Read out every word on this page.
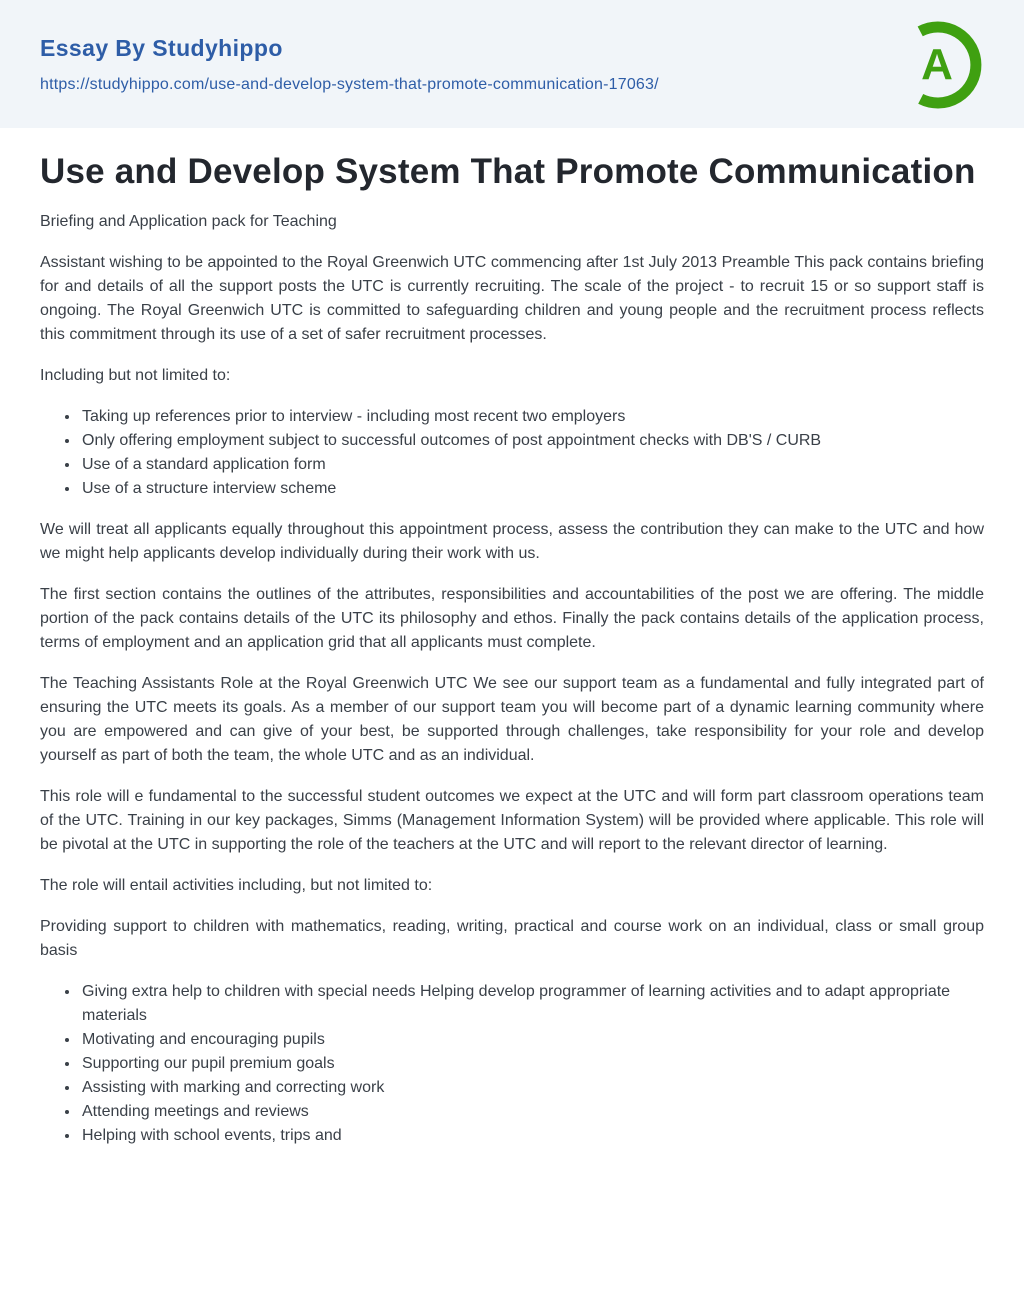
Essay By Studyhippo
https://studyhippo.com/use-and-develop-system-that-promote-communication-17063/	A
Use and Develop System That Promote Communication

Briefing and Application pack for Teaching

Assistant wishing to be appointed to the Royal Greenwich UTC commencing after 1st July 2013 Preamble This pack contains briefing for and details of all the support posts the UTC is currently recruiting. The scale of the project - to recruit 15 or so support staff is ongoing. The Royal Greenwich UTC is committed to safeguarding children and young people and the recruitment process reflects this commitment through its use of a set of safer recruitment processes.

Including but not limited to:

• Taking up references prior to interview - including most recent two employers
• Only offering employment subject to successful outcomes of post appointment checks with DB'S / CURB
• Use of a standard application form
• Use of a structure interview scheme

We will treat all applicants equally throughout this appointment process, assess the contribution they can make to the UTC and how we might help applicants develop individually during their work with us.

The first section contains the outlines of the attributes, responsibilities and accountabilities of the post we are offering. The middle portion of the pack contains details of the UTC its philosophy and ethos. Finally the pack contains details of the application process, terms of employment and an application grid that all applicants must complete.

The Teaching Assistants Role at the Royal Greenwich UTC We see our support team as a fundamental and fully integrated part of ensuring the UTC meets its goals. As a member of our support team you will become part of a dynamic learning community where you are empowered and can give of your best, be supported through challenges, take responsibility for your role and develop yourself as part of both the team, the whole UTC and as an individual.

This role will e fundamental to the successful student outcomes we expect at the UTC and will form part classroom operations team of the UTC. Training in our key packages, Simms (Management Information System) will be provided where applicable. This role will be pivotal at the UTC in supporting the role of the teachers at the UTC and will report to the relevant director of learning.

The role will entail activities including, but not limited to:

Providing support to children with mathematics, reading, writing, practical and course work on an individual, class or small group basis

• Giving extra help to children with special needs Helping develop programmer of learning activities and to adapt appropriate materials
• Motivating and encouraging pupils
• Supporting our pupil premium goals
• Assisting with marking and correcting work
• Attending meetings and reviews
• Helping with school events, trips and
